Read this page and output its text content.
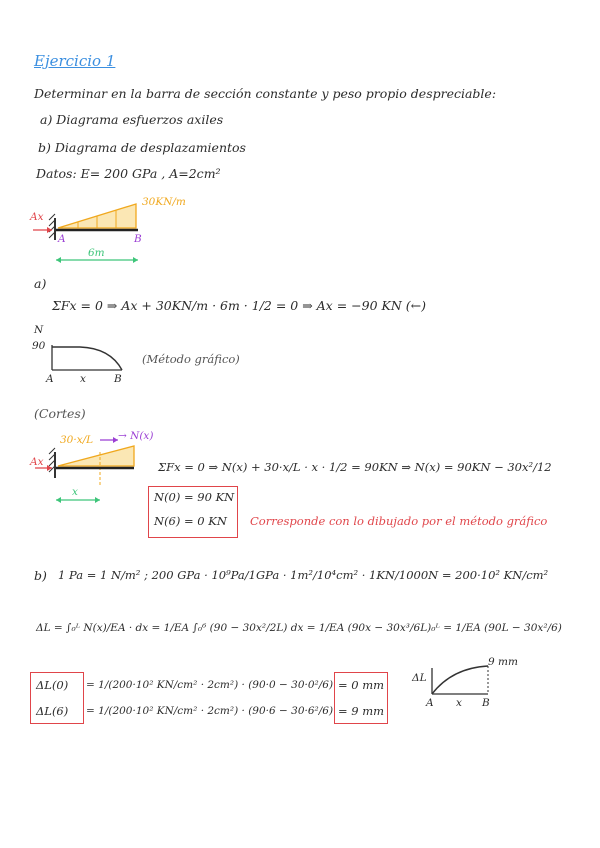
Ejercicio 1
Determinar en la barra de sección constante y peso propio despreciable:
a) Diagrama esfuerzos axiles
b) Diagrama de desplazamientos
Datos: E= 200 GPa , A=2cm²
30KN/m
Ax
A	B
6m
a)
ΣFx = 0 ⇒ Ax + 30KN/m · 6m · 1/2 = 0 ⇒ Ax = −90 KN (←)
N
90
A	x	B
(Método gráfico)
(Cortes)
30·x/L → N(x)
Ax
x
ΣFx = 0 ⇒ N(x) + 30·x/L · x · 1/2 = 90KN ⇒ N(x) = 90KN − 30x²/12
N(0) = 90 KN
N(6) = 0 KN Corresponde con lo dibujado por el método gráfico
b) 1 Pa = 1 N/m² ; 200 GPa · 10⁹Pa/1GPa · 1m²/10⁴cm² · 1KN/1000N = 200·10² KN/cm²
ΔL = ∫₀ᴸ N(x)/EA · dx = 1/EA ∫₀⁶ (90 − 30x²/2L) dx = 1/EA (90x − 30x³/6L)₀ᴸ = 1/EA (90L − 30x²/6)
ΔL(0) = 1/(200·10² KN/cm² · 2cm²) · (90·0 − 30·0²/6)
ΔL(6) = 1/(200·10² KN/cm² · 2cm²) · (90·6 − 30·6²/6)
= 0 mm
= 9 mm
ΔL
9 mm
A x B
